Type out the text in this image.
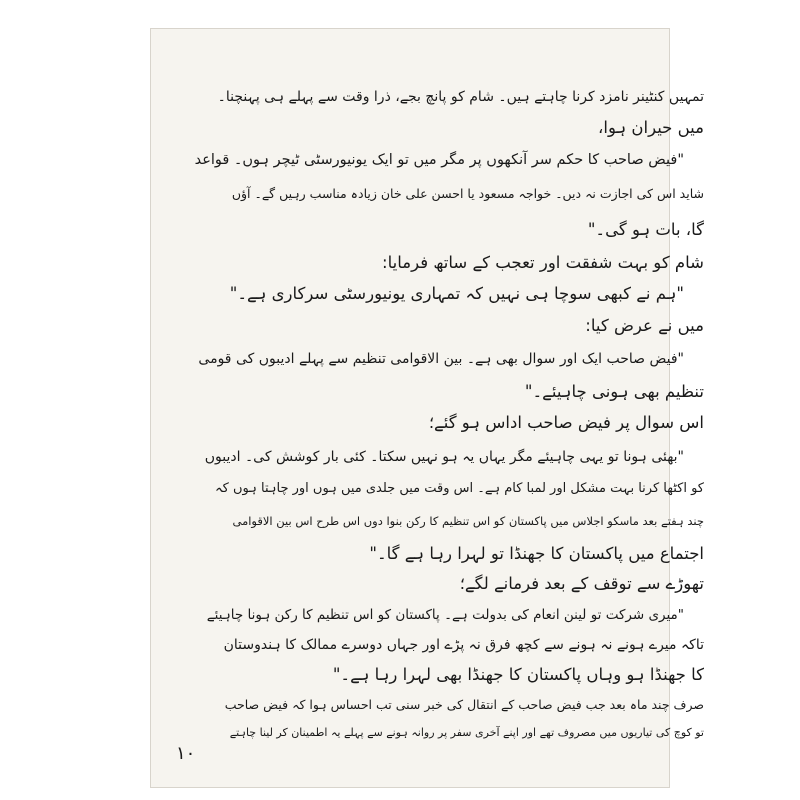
تمہیں کنٹینر نامزد کرنا چاہتے ہیں۔ شام کو پانچ بجے، ذرا وقت سے پہلے ہی پہنچنا۔
میں حیران ہوا،
"فیض صاحب کا حکم سر آنکھوں پر مگر میں تو ایک یونیورسٹی ٹیچر ہوں۔ قواعد
شاید اس کی اجازت نہ دیں۔ خواجہ مسعود یا احسن علی خان زیادہ مناسب رہیں گے۔ آؤں
گا، بات ہو گی۔"
شام کو بہت شفقت اور تعجب کے ساتھ فرمایا:
"ہم نے کبھی سوچا ہی نہیں کہ تمہاری یونیورسٹی سرکاری ہے۔"
میں نے عرض کیا:
"فیض صاحب ایک اور سوال بھی ہے۔ بین الاقوامی تنظیم سے پہلے ادیبوں کی قومی
تنظیم بھی ہونی چاہیئے۔"
اس سوال پر فیض صاحب اداس ہو گئے؛
"بھئی ہونا تو یہی چاہیئے مگر یہاں یہ ہو نہیں سکتا۔ کئی بار کوشش کی۔ ادیبوں
کو اکٹھا کرنا بہت مشکل اور لمبا کام ہے۔ اس وقت میں جلدی میں ہوں اور چاہتا ہوں کہ
چند ہفتے بعد ماسکو اجلاس میں پاکستان کو اس تنظیم کا رکن بنوا دوں اس طرح اس بین الاقوامی
اجتماع میں پاکستان کا جھنڈا تو لہرا رہا ہے گا۔"
تھوڑے سے توقف کے بعد فرمانے لگے؛
"میری شرکت تو لینن انعام کی بدولت ہے۔ پاکستان کو اس تنظیم کا رکن ہونا چاہیئے
تاکہ میرے ہونے نہ ہونے سے کچھ فرق نہ پڑے اور جہاں دوسرے ممالک کا ہندوستان
کا جھنڈا ہو وہاں پاکستان کا جھنڈا بھی لہرا رہا ہے۔"
صرف چند ماہ بعد جب فیض صاحب کے انتقال کی خبر سنی تب احساس ہوا کہ فیض صاحب
تو کوچ کی تیاریوں میں مصروف تھے اور اپنے آخری سفر پر روانہ ہونے سے پہلے یہ اطمینان کر لینا چاہتے
۱۰
